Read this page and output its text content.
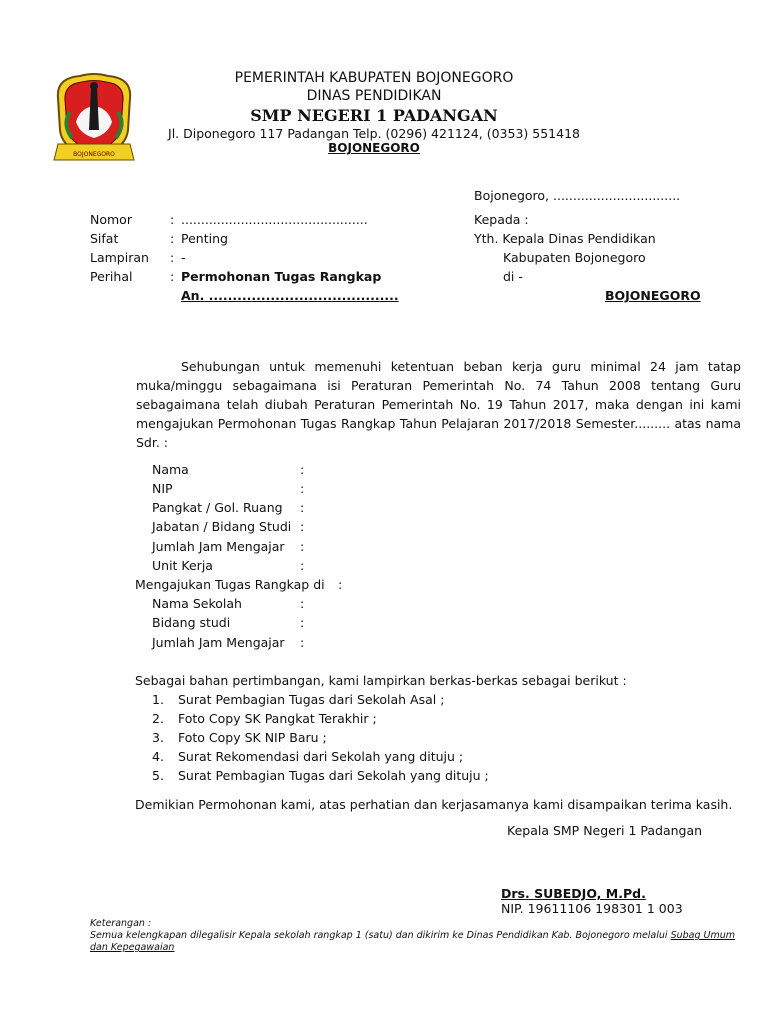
BOJONEGORO
PEMERINTAH KABUPATEN BOJONEGORO
DINAS PENDIDIKAN
SMP NEGERI 1 PADANGAN
Jl. Diponegoro 117 Padangan Telp. (0296) 421124, (0353) 551418
BOJONEGORO
Bojonegoro, ................................
Nomor	: ...............................................
Sifat	: Penting
Lampiran : -
Perihal	: Permohonan Tugas Rangkap
An. ........................................
Kepada :
Yth. Kepala Dinas Pendidikan
Kabupaten Bojonegoro
di -
BOJONEGORO
Sehubungan untuk memenuhi ketentuan beban kerja guru minimal 24 jam tatap muka/minggu sebagaimana isi Peraturan Pemerintah No. 74 Tahun 2008 tentang Guru sebagaimana telah diubah Peraturan Pemerintah No. 19 Tahun 2017, maka dengan ini kami mengajukan Permohonan Tugas Rangkap Tahun Pelajaran 2017/2018 Semester......... atas nama Sdr. :
Nama	:
NIP	:
Pangkat / Gol. Ruang :
Jabatan / Bidang Studi :
Jumlah Jam Mengajar :
Unit Kerja	:
Mengajukan Tugas Rangkap di :
Nama Sekolah	:
Bidang studi	:
Jumlah Jam Mengajar :
Sebagai bahan pertimbangan, kami lampirkan berkas-berkas sebagai berikut :
1. Surat Pembagian Tugas dari Sekolah Asal ;
2. Foto Copy SK Pangkat Terakhir ;
3. Foto Copy SK NIP Baru ;
4. Surat Rekomendasi dari Sekolah yang dituju ;
5. Surat Pembagian Tugas dari Sekolah yang dituju ;
Demikian Permohonan kami, atas perhatian dan kerjasamanya kami disampaikan terima kasih.
Kepala SMP Negeri 1 Padangan
Drs. SUBEDJO, M.Pd.
NIP. 19611106 198301 1 003
Keterangan :
Semua kelengkapan dilegalisir Kepala sekolah rangkap 1 (satu) dan dikirim ke Dinas Pendidikan Kab. Bojonegoro melalui Subag Umum dan Kepegawaian
